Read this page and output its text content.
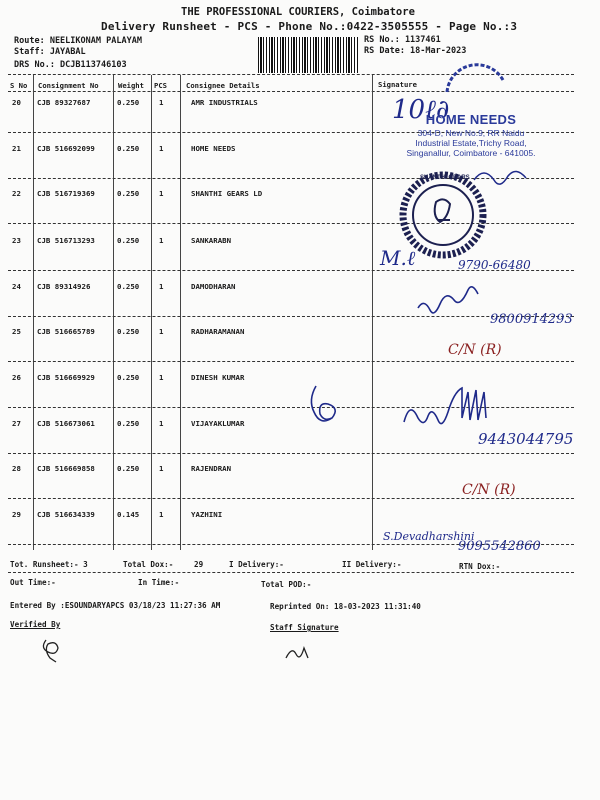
THE PROFESSIONAL COURIERS, Coimbatore
Delivery Runsheet - PCS - Phone No.:0422-3505555 - Page No.:3
Route: NEELIKONAM PALAYAM
Staff: JAYABAL
DRS No.: DCJB113746103
RS No.: 1137461
RS Date: 18-Mar-2023
S No Consignment No	Weight PCS	Consignee Details	Signature
20 CJB 89327687	0.250	1	AMR INDUSTRIALS
21 CJB 516692099	0.250	1	HOME NEEDS
22 CJB 516719369	0.250	1	SHANTHI GEARS LD
23 CJB 516713293	0.250	1	SANKARABN
24 CJB 89314926	0.250	1	DAMODHARAN
25 CJB 516665789	0.250	1	RADHARAMANAN
26 CJB 516669929	0.250	1	DINESH KUMAR
27 CJB 516673061	0.250	1	VIJAYAKLUMAR
28 CJB 516669858	0.250	1	RAJENDRAN
29 CJB 516634339	0.145	1	YAZHINI
10ℓ∂
HOME NEEDS
304-D, New No.9, RR Naidu
Industrial Estate,Trichy Road,
Singanallur, Coimbatore - 641005.
SHANTHI GEARS
M.ℓ	9790-66480
9800914293
C/N (R)
9443044795
C/N (R)
S.Devadharshini
9095542860
Tot. Runsheet:- 3	Total Dox:-	29	I Delivery:-	II Delivery:-	RTN Dox:-
Out Time:-	In Time:-	Total POD:-
Entered By :ESOUNDARYAPCS 03/18/23 11:27:36 AM	Reprinted On: 18-03-2023 11:31:40
Verified By	Staff Signature
